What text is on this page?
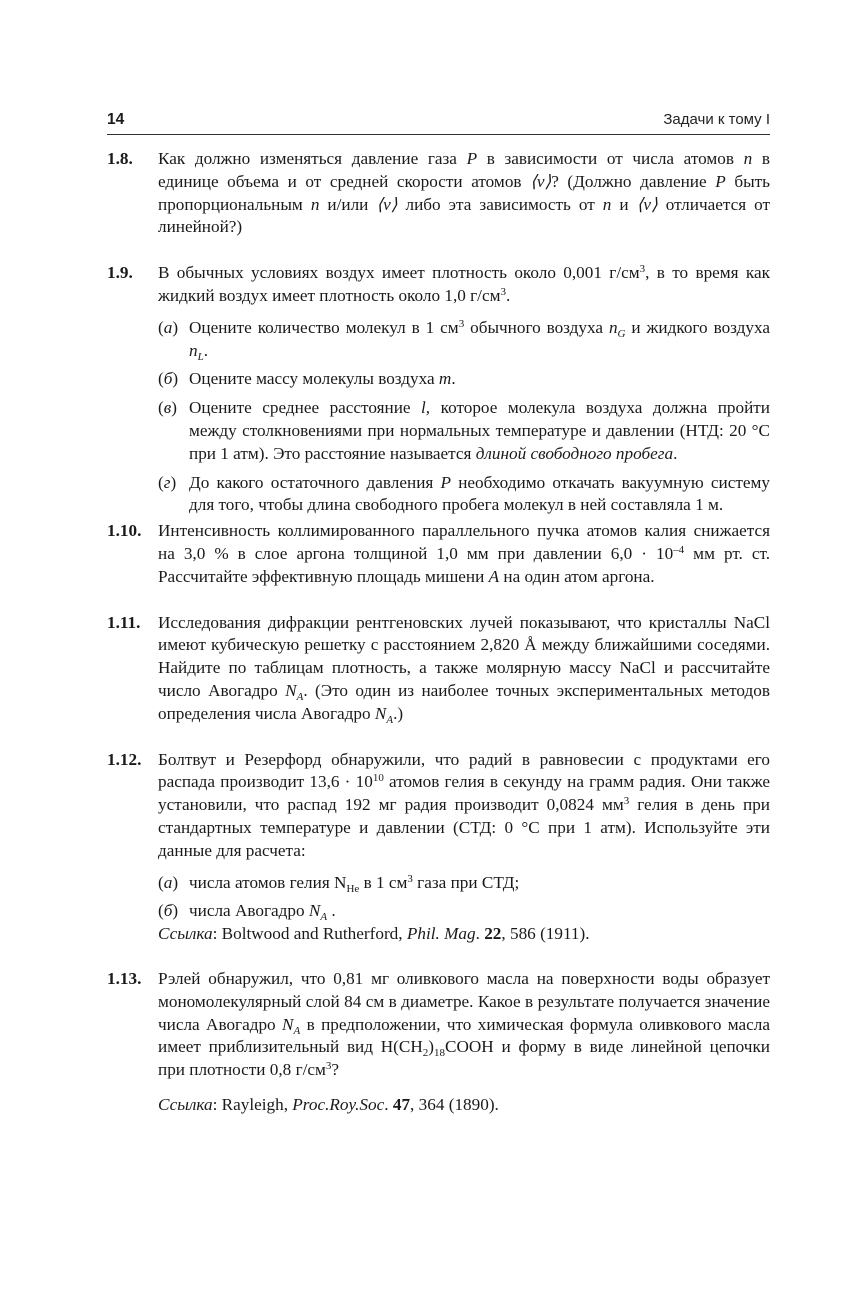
14	Задачи к тому I
1.8.	Как должно изменяться давление газа P в зависимости от числа атомов n в единице объема и от средней скорости атомов ⟨v⟩? (Должно давление P быть пропорциональным n и/или ⟨v⟩ либо эта зависимость от n и ⟨v⟩ отличается от линейной?)
1.9.	В обычных условиях воздух имеет плотность около 0,001 $г/см^3$, в то время как жидкий воздух имеет плотность около 1,0 $г/см^3$.

(а) Оцените количество молекул в 1 $см^3$ обычного воздуха $n_G$ и жидкого воздуха $n_L$.
(б) Оцените массу молекулы воздуха m.
(в) Оцените среднее расстояние l, которое молекула воздуха должна пройти между столкновениями при нормальных температуре и давлении (НТД: 20 °С при 1 атм). Это расстояние называется длиной свободного пробега.
(г) До какого остаточного давления P необходимо откачать вакуумную систему для того, чтобы длина свободного пробега молекул в ней составляла 1 м.
1.10. Интенсивность коллимированного параллельного пучка атомов калия снижается на 3,0 % в слое аргона толщиной 1,0 мм при давлении $6,0 \cdot 10^{-4}$ мм рт. ст. Рассчитайте эффективную площадь мишени A на один атом аргона.
1.11.	Исследования дифракции рентгеновских лучей показывают, что кристаллы NaCl имеют кубическую решетку с расстоянием 2,820 Å между ближайшими соседями. Найдите по таблицам плотность, а также молярную массу NaCl и рассчитайте число Авогадро $N_A$. (Это один из наиболее точных экспериментальных методов определения числа Авогадро $N_A$.)
1.12. Болтвут и Резерфорд обнаружили, что радий в равновесии с продуктами его распада производит $13,6 \cdot 10^{10}$ атомов гелия в секунду на грамм радия. Они также установили, что распад 192 мг радия производит 0,0824 $мм^3$ гелия в день при стандартных температуре и давлении (СТД: 0 °С при 1 атм). Используйте эти данные для расчета:

(а) числа атомов гелия $N_{He}$ в 1 $см^3$ газа при СТД;
(б) числа Авогадро $N_A$ .

Ссылка: Boltwood and Rutherford, Phil. Mag. 22, 586 (1911).

1.13. Рэлей обнаружил, что 0,81 мг оливкового масла на поверхности воды образует мономолекулярный слой 84 см в диаметре. Какое в результате получается значение числа Авогадро $N_A$ в предположении, что химическая формула оливкового масла имеет приблизительный вид $H(CH_2)_{18}COOH$ и форму в виде линейной цепочки при плотности 0,8 $г/см^3$?

Ссылка: Rayleigh, Proc.Roy.Soc. 47, 364 (1890).
